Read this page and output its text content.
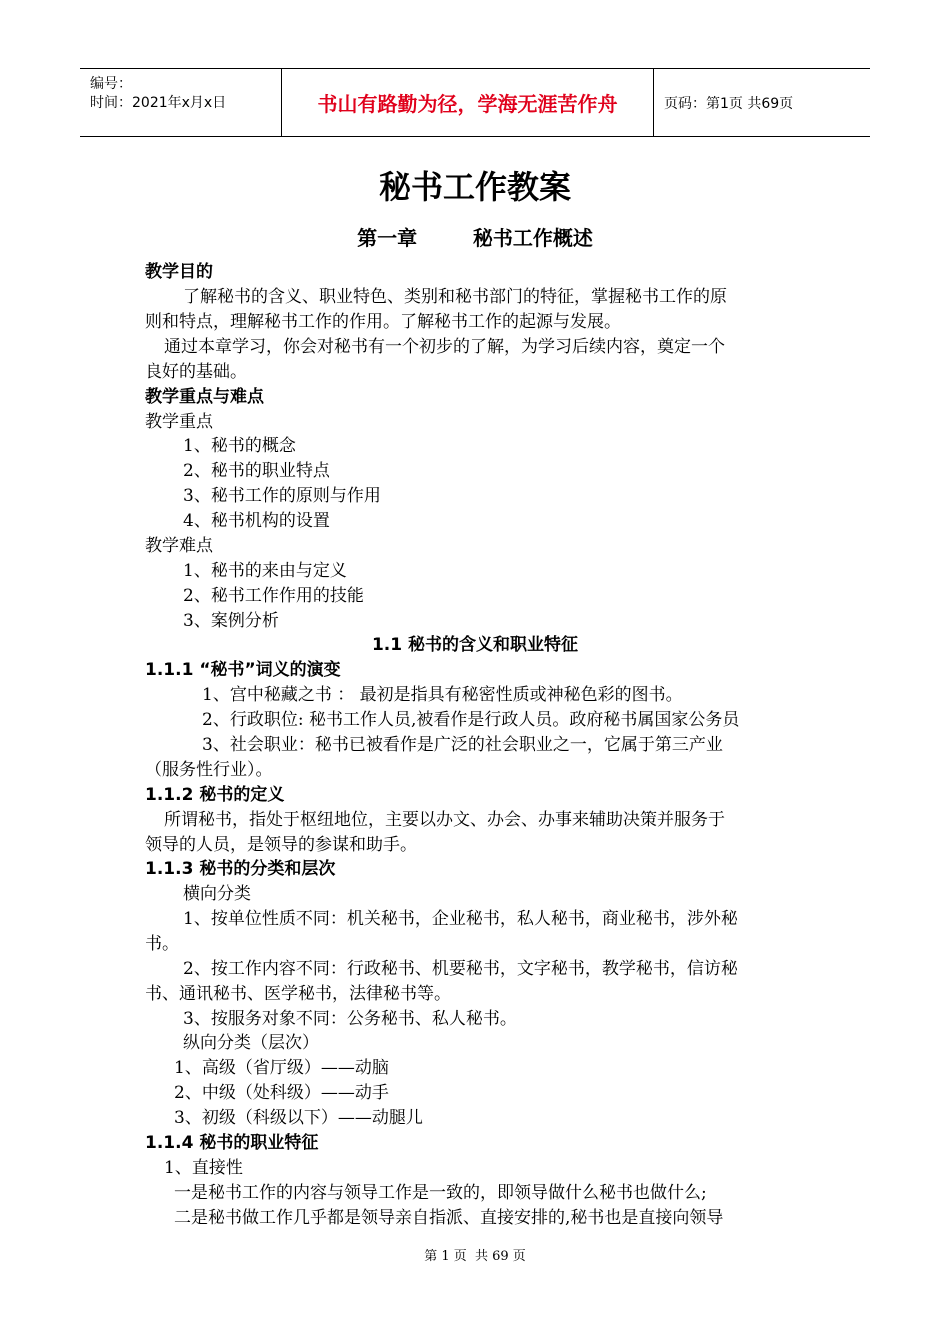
编号：
时间：2021年x月x日	书山有路勤为径，学海无涯苦作舟	页码：第1页 共69页
秘书工作教案
第一章        秘书工作概述
教学目的
了解秘书的含义、职业特色、类别和秘书部门的特征，掌握秘书工作的原
则和特点，理解秘书工作的作用。了解秘书工作的起源与发展。
通过本章学习，你会对秘书有一个初步的了解，为学习后续内容，奠定一个
良好的基础。
教学重点与难点
教学重点
1、秘书的概念
2、秘书的职业特点
3、秘书工作的原则与作用
4、秘书机构的设置
教学难点
1、秘书的来由与定义
2、秘书工作作用的技能
3、案例分析
1.1 秘书的含义和职业特征
1.1.1 “秘书”词义的演变
1、宫中秘藏之书 ： 最初是指具有秘密性质或神秘色彩的图书。
2、行政职位: 秘书工作人员,被看作是行政人员。政府秘书属国家公务员
3、社会职业：秘书已被看作是广泛的社会职业之一，它属于第三产业
（服务性行业）。
1.1.2 秘书的定义
所谓秘书，指处于枢纽地位，主要以办文、办会、办事来辅助决策并服务于
领导的人员，是领导的参谋和助手。
1.1.3 秘书的分类和层次
横向分类
1、按单位性质不同：机关秘书，企业秘书，私人秘书，商业秘书，涉外秘
书。
2、按工作内容不同：行政秘书、机要秘书，文字秘书，教学秘书，信访秘
书、通讯秘书、医学秘书，法律秘书等。
3、按服务对象不同：公务秘书、私人秘书。
纵向分类（层次）
1、高级（省厅级）——动脑
2、中级（处科级）——动手
3、初级（科级以下）——动腿儿
1.1.4 秘书的职业特征
1、直接性
一是秘书工作的内容与领导工作是一致的，即领导做什么秘书也做什么;
二是秘书做工作几乎都是领导亲自指派、直接安排的,秘书也是直接向领导
第 1 页  共 69 页
